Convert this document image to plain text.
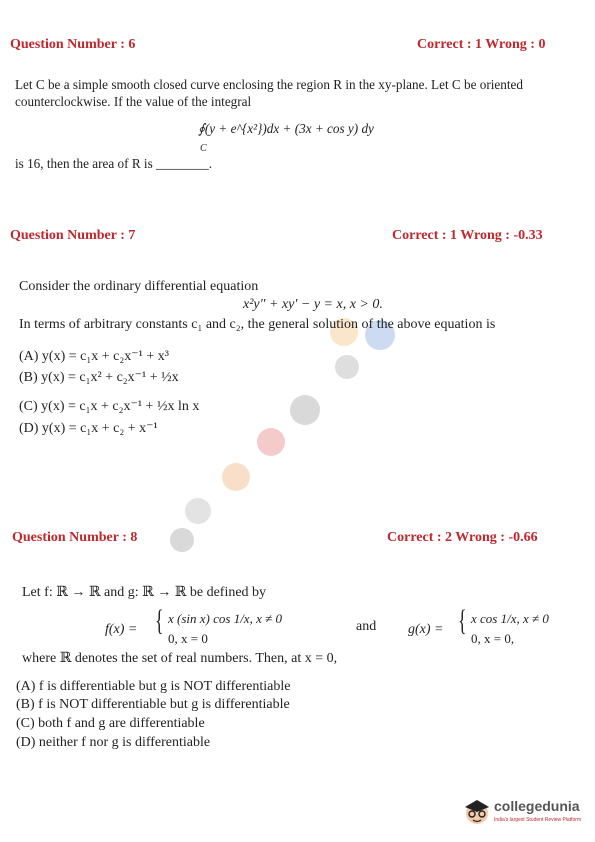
Question Number : 6	Correct : 1 Wrong : 0
Let C be a simple smooth closed curve enclosing the region R in the xy-plane. Let C be oriented
counterclockwise. If the value of the integral
∮(y + e^{x²})dx + (3x + cos y) dy
C
is 16, then the area of R is ________.
Question Number : 7	Correct : 1 Wrong : -0.33
Consider the ordinary differential equation
x²y″ + xy′ − y = x, x > 0.
In terms of arbitrary constants c₁ and c₂, the general solution of the above equation is
(A) y(x) = c₁x + c₂x⁻¹ + x³
(B) y(x) = c₁x² + c₂x⁻¹ + ½x
(C) y(x) = c₁x + c₂x⁻¹ + ½x ln x
(D) y(x) = c₁x + c₂ + x⁻¹
Question Number : 8	Correct : 2 Wrong : -0.66
Let f: ℝ → ℝ and g: ℝ → ℝ be defined by
f(x) = { x (sin x) cos 1/x, x ≠ 0
0, x = 0
and g(x) = { x cos 1/x, x ≠ 0
0, x = 0,
where ℝ denotes the set of real numbers. Then, at x = 0,
(A) f is differentiable but g is NOT differentiable
(B) f is NOT differentiable but g is differentiable
(C) both f and g are differentiable
(D) neither f nor g is differentiable
collegedunia
India's largest Student Review Platform
